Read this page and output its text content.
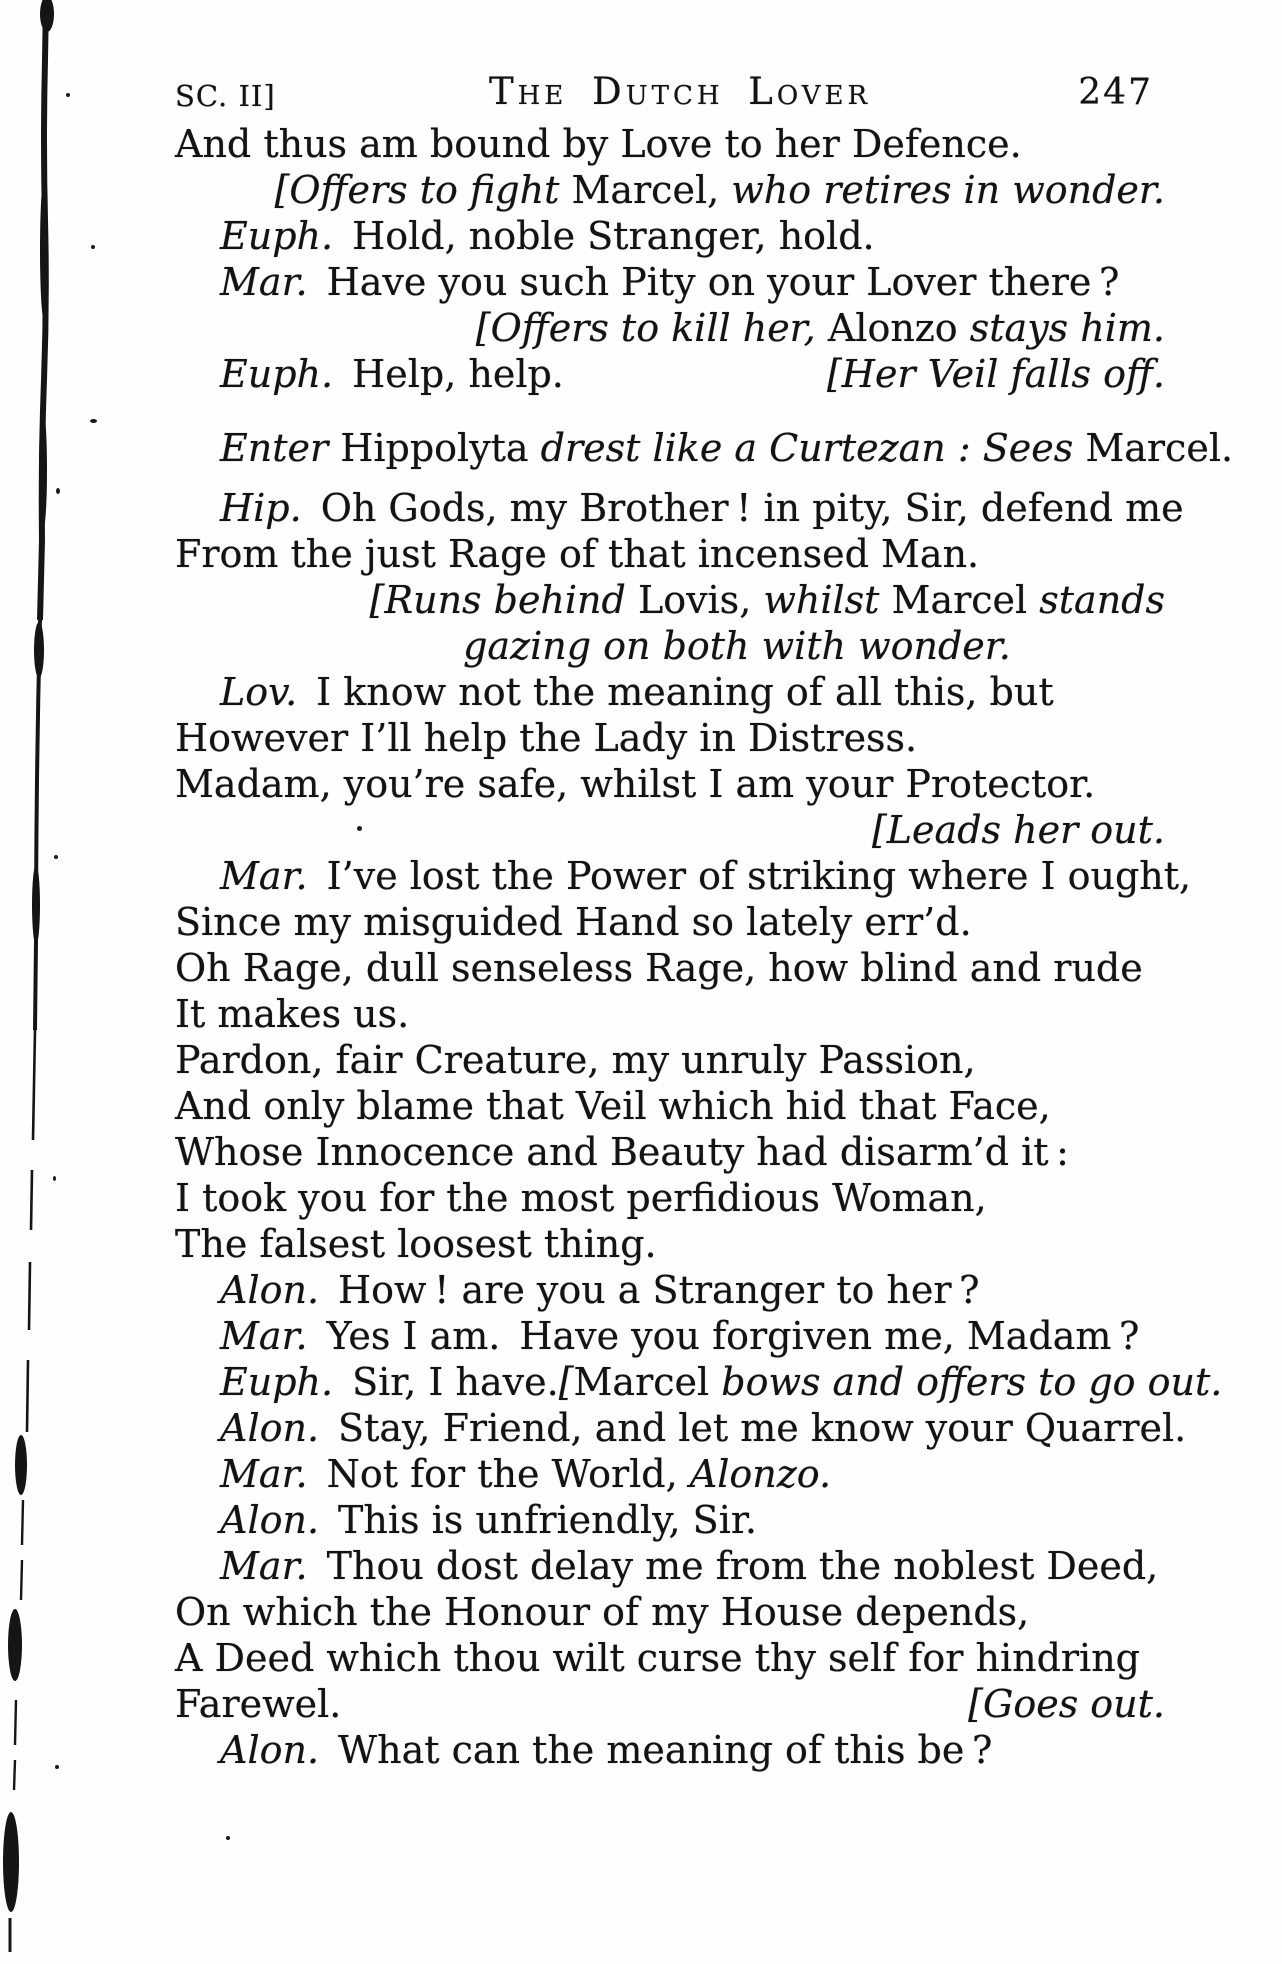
SC. II]	The Dutch Lover	247
And thus am bound by Love to her Defence.
[Offers to fight Marcel, who retires in wonder.
Euph. Hold, noble Stranger, hold.
Mar. Have you such Pity on your Lover there ?
[Offers to kill her, Alonzo stays him.
Euph. Help, help.	[Her Veil falls off.
Enter Hippolyta drest like a Curtezan : Sees Marcel.
Hip. Oh Gods, my Brother ! in pity, Sir, defend me
From the just Rage of that incensed Man.
[Runs behind Lovis, whilst Marcel stands
gazing on both with wonder.
Lov. I know not the meaning of all this, but
However I’ll help the Lady in Distress.
Madam, you’re safe, whilst I am your Protector.
[Leads her out.
Mar. I’ve lost the Power of striking where I ought,
Since my misguided Hand so lately err’d.
Oh Rage, dull senseless Rage, how blind and rude
It makes us.
Pardon, fair Creature, my unruly Passion,
And only blame that Veil which hid that Face,
Whose Innocence and Beauty had disarm’d it :
I took you for the most perfidious Woman,
The falsest loosest thing.
Alon. How ! are you a Stranger to her ?
Mar. Yes I am. Have you forgiven me, Madam ?
Euph. Sir, I have. [Marcel bows and offers to go out.
Alon. Stay, Friend, and let me know your Quarrel.
Mar. Not for the World, Alonzo.
Alon. This is unfriendly, Sir.
Mar. Thou dost delay me from the noblest Deed,
On which the Honour of my House depends,
A Deed which thou wilt curse thy self for hindring
Farewel.	[Goes out.
Alon. What can the meaning of this be ?
